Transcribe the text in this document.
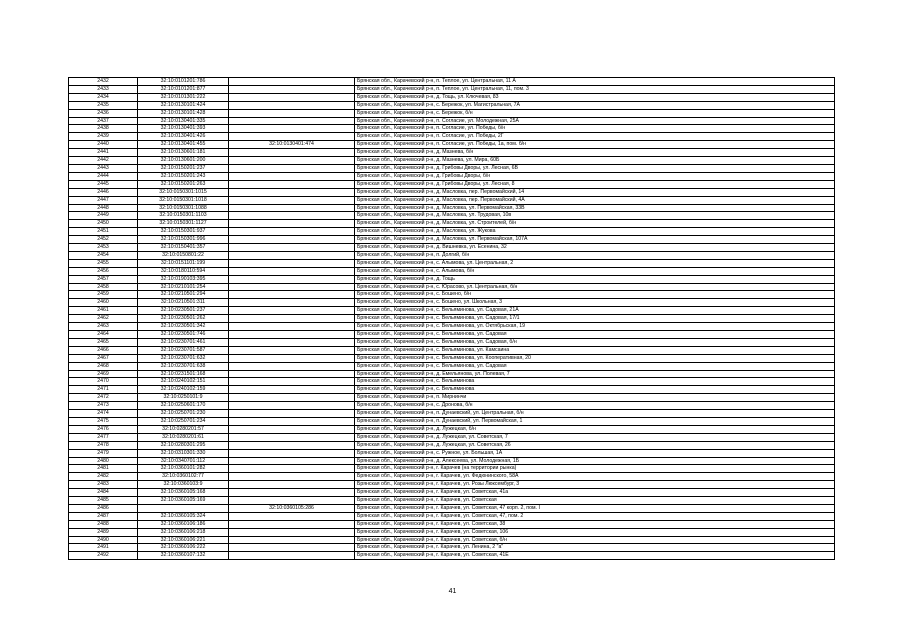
2432	32:10:0101201:786		Брянская обл., Карачевский р-н, п. Теплое, ул. Центральная, 11 А
2433	32:10:0101201:877		Брянская обл., Карачевский р-н, п. Теплое, ул. Центральная, 11, пом. 3
2434	32:10:0101301:222		Брянская обл., Карачевский р-н, д. Тощь, ул. Ключевая, 83
2435	32:10:0130101:424		Брянская обл., Карачевский р-н, с. Бережок, ул. Магистральная, 7А
2436	32:10:0130101:428		Брянская обл., Карачевский р-н, с. Бережок, б/н
2437	32:10:0130401:335		Брянская обл., Карачевский р-н, п. Согласие, ул. Молодежная, 25А
2438	32:10:0130401:393		Брянская обл., Карачевский р-н, п. Согласие, ул. Победы, б/н
2439	32:10:0130401:426		Брянская обл., Карачевский р-н, п. Согласие, ул. Победы, 2Г
2440	32:10:0130401:455	32:10:0130401:474	Брянская обл., Карачевский р-н, п. Согласие, ул. Победы, 1а, пом. б/н
2441	32:10:0130601:181		Брянская обл., Карачевский р-н, д. Мазнева, б/н
2442	32:10:0130601:200		Брянская обл., Карачевский р-н, д. Мазнева, ул. Мира, 60Б
2443	32:10:0150201:237		Брянская обл., Карачевский р-н, д. Грибовы Дворы, ул. Лесная, 6В
2444	32:10:0150201:243		Брянская обл., Карачевский р-н, д. Грибовы Дворы, б/н
2445	32:10:0150201:263		Брянская обл., Карачевский р-н, д. Грибовы Дворы, ул. Лесная, 8
2446	32:10:0150301:1015		Брянская обл., Карачевский р-н, д. Масловка, пер. Первомайский, 14
2447	32:10:0150301:1018		Брянская обл., Карачевский р-н, д. Масловка, пер. Первомайский, 4А
2448	32:10:0150301:1088		Брянская обл., Карачевский р-н, д. Масловка, ул. Первомайская, 33В
2449	32:10:0150301:1103		Брянская обл., Карачевский р-н, д. Масловка, ул. Трудовая, 10в
2450	32:10:0150301:1127		Брянская обл., Карачевский р-н, д. Масловка, ул. Строителей, б/н
2451	32:10:0150301:937		Брянская обл., Карачевский р-н, д. Масловка, ул. Жукова
2452	32:10:0150301:996		Брянская обл., Карачевский р-н, д. Масловка, ул. Первомайская, 107А
2453	32:10:0150401:357		Брянская обл., Карачевский р-н, д. Вишневка, ул. Есенина, 32
2454	32:10:0150801:22		Брянская обл., Карачевский р-н, п. Долгий, б/н
2455	32:10:0151101:199		Брянская обл., Карачевский р-н, с. Алымова, ул. Центральная, 2
2456	32:10:0180110:594		Брянская обл., Карачевский р-н, с. Алымова, б/н
2457	32:10:0190103:395		Брянская обл., Карачевский р-н, д. Тощь
2458	32:10:0210101:254		Брянская обл., Карачевский р-н, с. Юрасово, ул. Центральная, б/н
2459	32:10:0210501:294		Брянская обл., Карачевский р-н, с. Бошено, б/н
2460	32:10:0210501:311		Брянская обл., Карачевский р-н, с. Бошено, ул. Школьная, 3
2461	32:10:0230501:237		Брянская обл., Карачевский р-н, с. Вельяминова, ул. Садовая, 21А
2462	32:10:0230501:262		Брянская обл., Карачевский р-н, с. Вельяминова, ул. Садовая, 17/1
2463	32:10:0230501:342		Брянская обл., Карачевский р-н, с. Вельяминова, ул. Октябрьская, 19
2464	32:10:0230501:746		Брянская обл., Карачевский р-н, с. Вельяминова, ул. Садовая
2465	32:10:0230701:461		Брянская обл., Карачевский р-н, с. Вельяминова, ул. Садовая, б/н
2466	32:10:0230701:587		Брянская обл., Карачевский р-н, с. Вельяминова, ул. Камсаина
2467	32:10:0230701:632		Брянская обл., Карачевский р-н, с. Вельяминова, ул. Кооперативная, 20
2468	32:10:0230701:638		Брянская обл., Карачевский р-н, с. Вельяминова, ул. Садовая
2469	32:10:0231501:168		Брянская обл., Карачевский р-н, д. Емельянова, ул. Полевая, 7
2470	32:10:0240102:151		Брянская обл., Карачевский р-н, с. Вельяминова
2471	32:10:0240102:159		Брянская обл., Карачевский р-н, с. Вельяминова
2472	32:10:0250101:9		Брянская обл., Карачевский р-н, п. Мирнинчи
2473	32:10:0250601:170		Брянская обл., Карачевский р-н, с. Дронова, б/н
2474	32:10:0250701:230		Брянская обл., Карачевский р-н, п. Дунаевский, ул. Центральная, б/н
2475	32:10:0250701:234		Брянская обл., Карачевский р-н, п. Дунаевский, ул. Первомайская, 1
2476	32:10:0280201:57		Брянская обл., Карачевский р-н, д. Лужецкая, б/н
2477	32:10:0280201:61		Брянская обл., Карачевский р-н, д. Лужецкая, ул. Советская, 7
2478	32:10:0280301:295		Брянская обл., Карачевский р-н, д. Лужецкая, ул. Советская, 26
2479	32:10:0310301:330		Брянская обл., Карачевский р-н, с. Ружное, ул. Большая, 1А
2480	32:10:0340701:112		Брянская обл., Карачевский р-н, д. Алексеева, ул. Молодежная, 1Б
2481	32:10:0360101:282		Брянская обл., Карачевский р-н, г. Карачев (на территории рынка)
2482	32:10:0360102:77		Брянская обл., Карачевский р-н, г. Карачев, ул. Федюнинского, 58А
2483	32:10:0360103:9		Брянская обл., Карачевский р-н, г. Карачев, ул. Розы Люксембург, 3
2484	32:10:0360105:168		Брянская обл., Карачевский р-н, г. Карачев, ул. Советская, 41а
2485	32:10:0360105:169		Брянская обл., Карачевский р-н, г. Карачев, ул. Советская
2486		32:10:0360105:286	Брянская обл., Карачевский р-н, г. Карачев, ул. Советская, 47 корп. 2, пом. I
2487	32:10:0360105:324		Брянская обл., Карачевский р-н, г. Карачев, ул. Советская, 47, пом. 2
2488	32:10:0360106:186		Брянская обл., Карачевский р-н, г. Карачев, ул. Советская, 38
2489	32:10:0360106:218		Брянская обл., Карачевский р-н, г. Карачев, ул. Советская, 106
2490	32:10:0360106:221		Брянская обл., Карачевский р-н, г. Карачев, ул. Советская, б/н
2491	32:10:0360106:222		Брянская обл., Карачевский р-н, г. Карачев, ул. Ленина, 2 "а"
2492	32:10:0360107:132		Брянская обл., Карачевский р-н, г. Карачев, ул. Советская, 41Е
41
